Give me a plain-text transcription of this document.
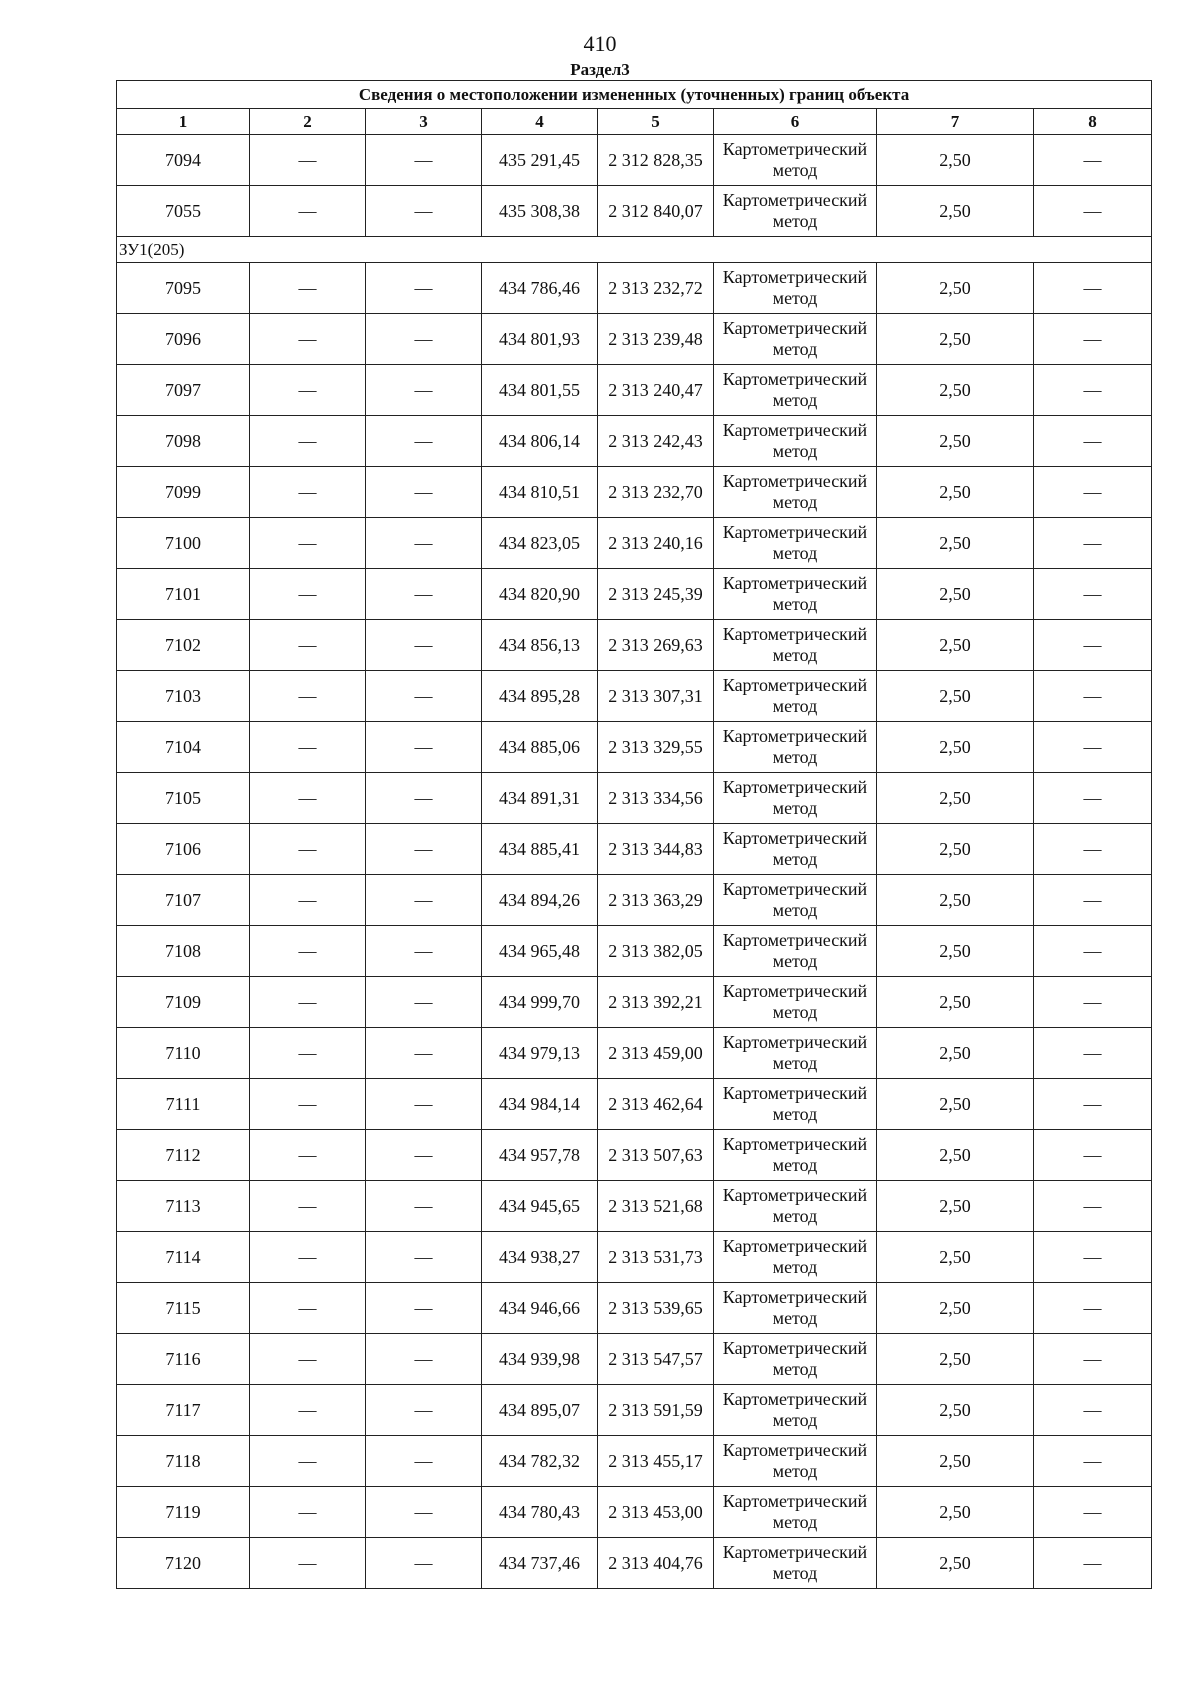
410
Раздел3
Сведения о местоположении измененных (уточненных) границ объекта							
1	2	3	4	5	6	7	8
7094	—	—	435 291,45	2 312 828,35	Картометрический метод	2,50	—
7055	—	—	435 308,38	2 312 840,07	Картометрический метод	2,50	—
ЗУ1(205)							
7095	—	—	434 786,46	2 313 232,72	Картометрический метод	2,50	—
7096	—	—	434 801,93	2 313 239,48	Картометрический метод	2,50	—
7097	—	—	434 801,55	2 313 240,47	Картометрический метод	2,50	—
7098	—	—	434 806,14	2 313 242,43	Картометрический метод	2,50	—
7099	—	—	434 810,51	2 313 232,70	Картометрический метод	2,50	—
7100	—	—	434 823,05	2 313 240,16	Картометрический метод	2,50	—
7101	—	—	434 820,90	2 313 245,39	Картометрический метод	2,50	—
7102	—	—	434 856,13	2 313 269,63	Картометрический метод	2,50	—
7103	—	—	434 895,28	2 313 307,31	Картометрический метод	2,50	—
7104	—	—	434 885,06	2 313 329,55	Картометрический метод	2,50	—
7105	—	—	434 891,31	2 313 334,56	Картометрический метод	2,50	—
7106	—	—	434 885,41	2 313 344,83	Картометрический метод	2,50	—
7107	—	—	434 894,26	2 313 363,29	Картометрический метод	2,50	—
7108	—	—	434 965,48	2 313 382,05	Картометрический метод	2,50	—
7109	—	—	434 999,70	2 313 392,21	Картометрический метод	2,50	—
7110	—	—	434 979,13	2 313 459,00	Картометрический метод	2,50	—
7111	—	—	434 984,14	2 313 462,64	Картометрический метод	2,50	—
7112	—	—	434 957,78	2 313 507,63	Картометрический метод	2,50	—
7113	—	—	434 945,65	2 313 521,68	Картометрический метод	2,50	—
7114	—	—	434 938,27	2 313 531,73	Картометрический метод	2,50	—
7115	—	—	434 946,66	2 313 539,65	Картометрический метод	2,50	—
7116	—	—	434 939,98	2 313 547,57	Картометрический метод	2,50	—
7117	—	—	434 895,07	2 313 591,59	Картометрический метод	2,50	—
7118	—	—	434 782,32	2 313 455,17	Картометрический метод	2,50	—
7119	—	—	434 780,43	2 313 453,00	Картометрический метод	2,50	—
7120	—	—	434 737,46	2 313 404,76	Картометрический метод	2,50	—
